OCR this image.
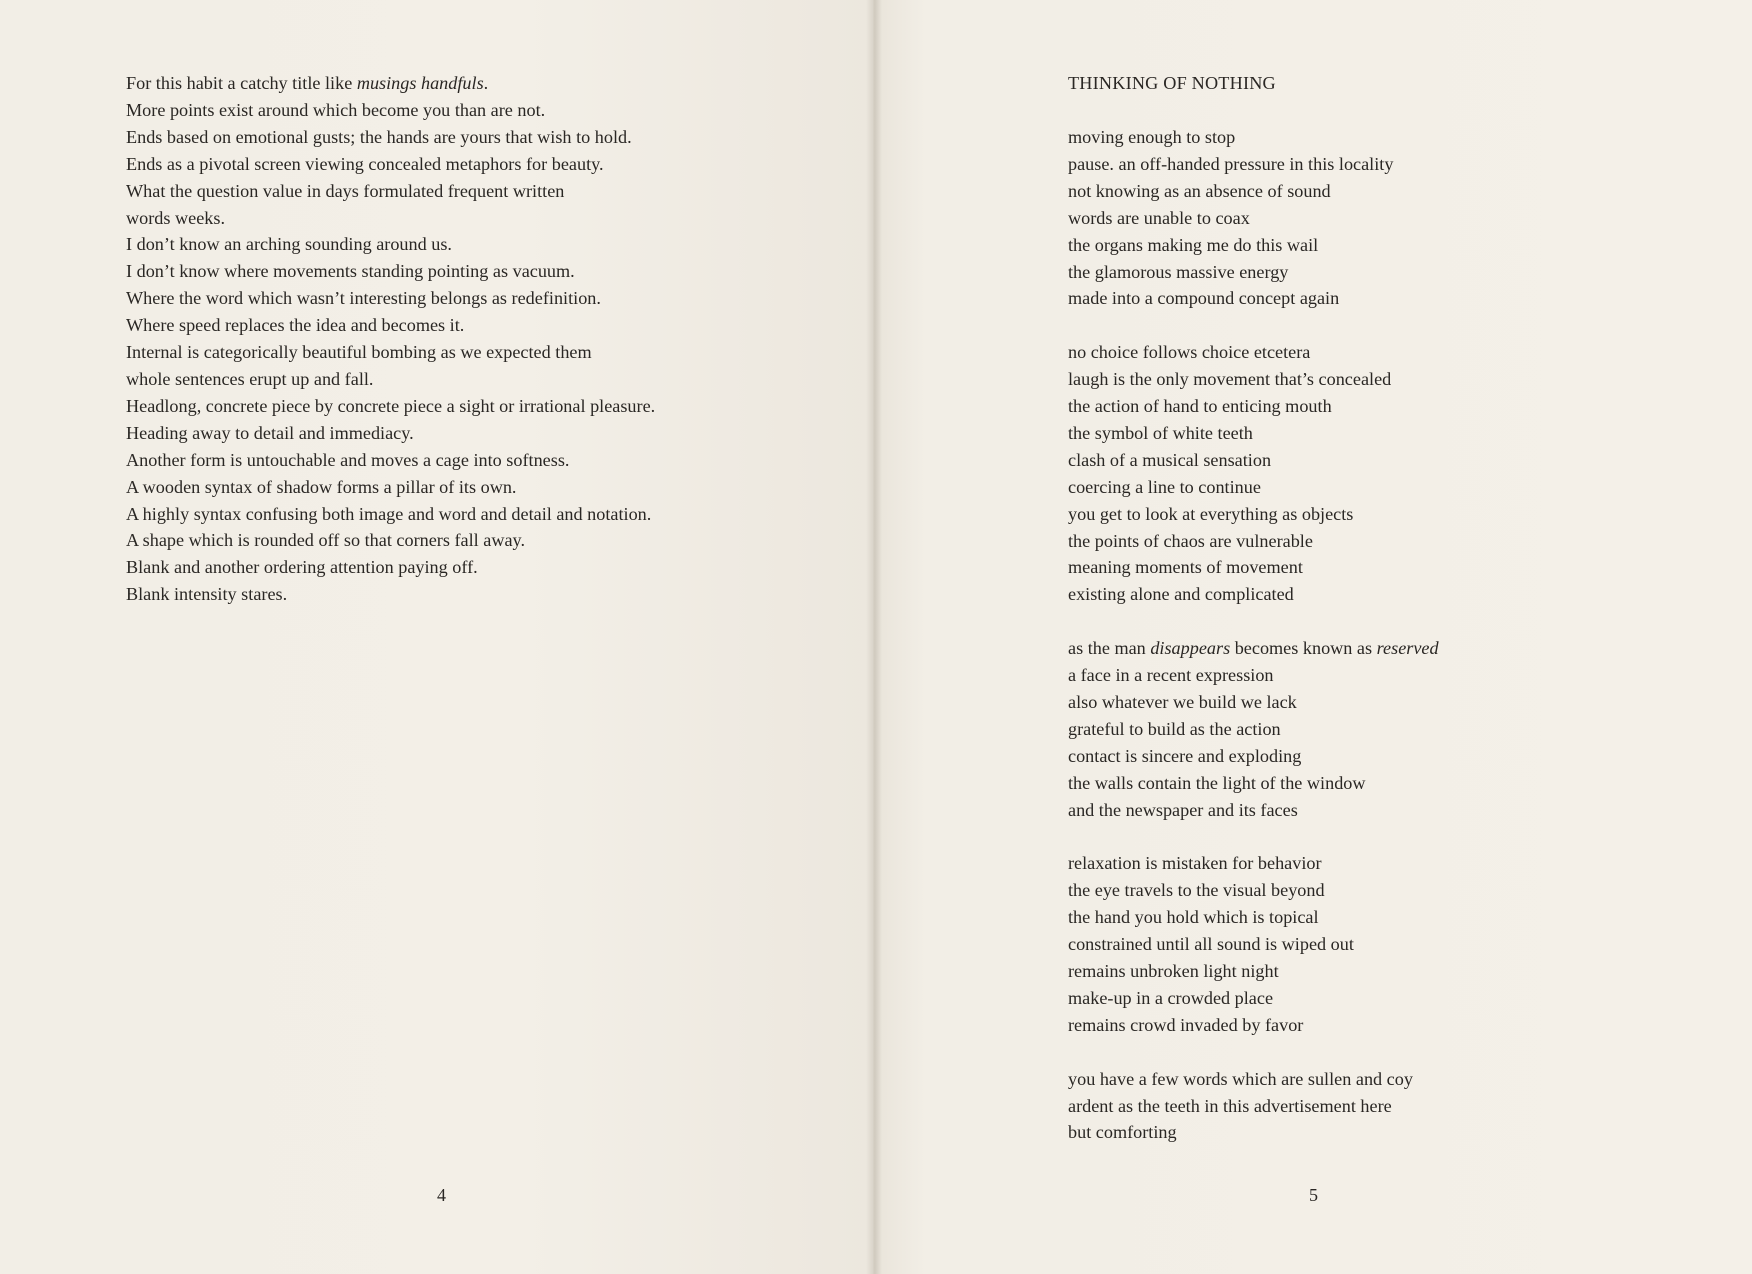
For this habit a catchy title like musings handfuls.
More points exist around which become you than are not.
Ends based on emotional gusts; the hands are yours that wish to hold.
Ends as a pivotal screen viewing concealed metaphors for beauty.
What the question value in days formulated frequent written
words weeks.
I don’t know an arching sounding around us.
I don’t know where movements standing pointing as vacuum.
Where the word which wasn’t interesting belongs as redefinition.
Where speed replaces the idea and becomes it.
Internal is categorically beautiful bombing as we expected them
whole sentences erupt up and fall.
Headlong, concrete piece by concrete piece a sight or irrational pleasure.
Heading away to detail and immediacy.
Another form is untouchable and moves a cage into softness.
A wooden syntax of shadow forms a pillar of its own.
A highly syntax confusing both image and word and detail and notation.
A shape which is rounded off so that corners fall away.
Blank and another ordering attention paying off.
Blank intensity stares.
4
THINKING OF NOTHING
moving enough to stop
pause. an off-handed pressure in this locality
not knowing as an absence of sound
words are unable to coax
the organs making me do this wail
the glamorous massive energy
made into a compound concept again
no choice follows choice etcetera
laugh is the only movement that’s concealed
the action of hand to enticing mouth
the symbol of white teeth
clash of a musical sensation
coercing a line to continue
you get to look at everything as objects
the points of chaos are vulnerable
meaning moments of movement
existing alone and complicated
as the man disappears becomes known as reserved
a face in a recent expression
also whatever we build we lack
grateful to build as the action
contact is sincere and exploding
the walls contain the light of the window
and the newspaper and its faces
relaxation is mistaken for behavior
the eye travels to the visual beyond
the hand you hold which is topical
constrained until all sound is wiped out
remains unbroken light night
make-up in a crowded place
remains crowd invaded by favor
you have a few words which are sullen and coy
ardent as the teeth in this advertisement here
but comforting
5
